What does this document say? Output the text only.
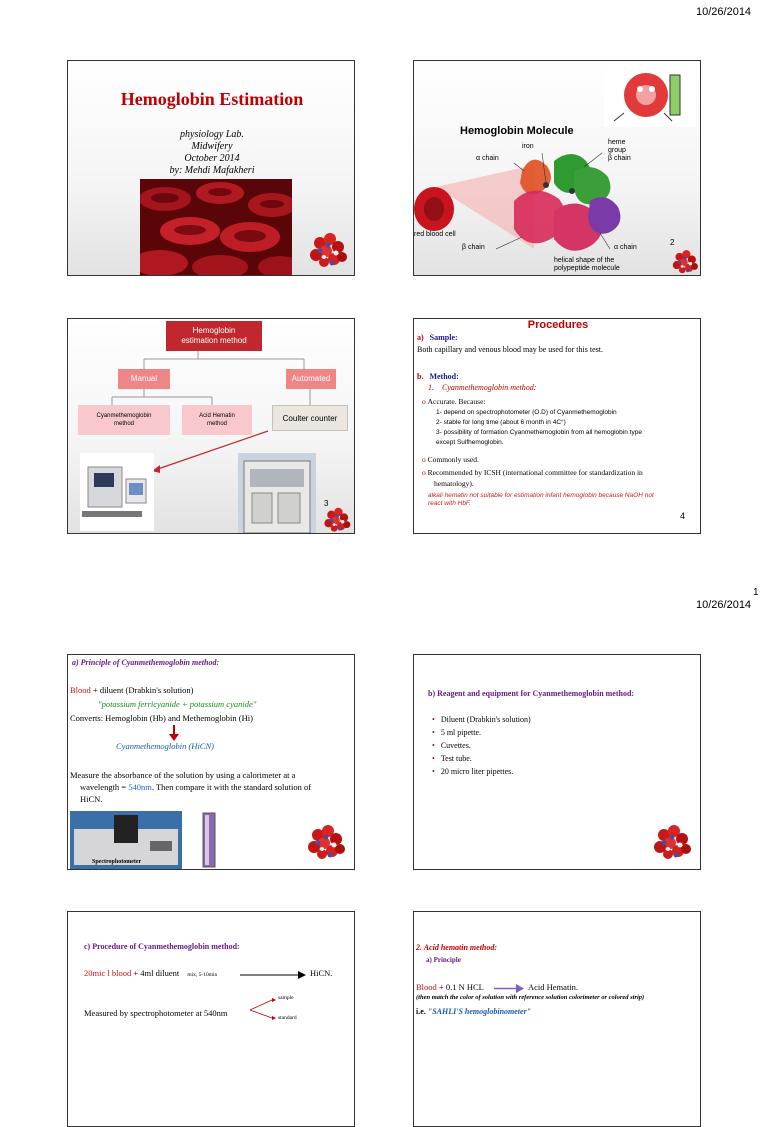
10/26/2014
1
10/26/2014
Hemoglobin Estimation
physiology Lab.
Midwifery
October 2014
by: Mehdi Mafakheri
Hemoglobin Molecule
iron
heme
group
β chain
α chain
red blood cell
β chain	α chain
helical shape of the
polypeptide molecule
2
Hemoglobin
estimation method
Manual	Automated
Cyanmethemoglobin
method
Acid Hematin
method
Coulter counter
3
Procedures
a) Sample:
Both capillary and venous blood may be used for this test.
b. Method:
1. Cyanmethemoglobin method:
o Accurate. Because:
1- depend on spectrophotometer (O.D) of Cyanmethemoglobin
2- stable for long time (about 6 month in 4C°)
3- possibility of formation Cyanmethemoglobin from all hemoglobin type
except Sulfhemoglobin.
o Commonly used.
o Recommended by ICSH (international committee for standardization in
hematology).
alkali hematin not suitable for estimation infant hemoglobin because NaOH not
react with HbF.
4
a) Principle of Cyanmethemoglobin method:
Blood + diluent (Drabkin's solution)
"potassium ferricyanide + potassium cyanide"
Converts: Hemoglobin (Hb) and Methemoglobin (Hi)
Cyanmethemoglobin (HiCN)
Measure the absorbance of the solution by using a calorimeter at a
wavelength = 540nm. Then compare it with the standard solution of
HiCN.
Spectrophotometer
b) Reagent and equipment for Cyanmethemoglobin method:
• Diluent (Drabkin's solution)
• 5 ml pipette.
• Cuvettes.
• Test tube.
• 20 micro liter pipettes.
c) Procedure of Cyanmethemoglobin method:
20mic l blood + 4ml diluent mix, 5-10min	HiCN.
Measured by spectrophotometer at 540nm
sample
standard
2. Acid hematin method:
a) Principle
Blood + 0.1 N HCL	Acid Hematin.
(then match the color of solution with reference solution colorimeter or colored strip)
i.e. "SAHLI'S hemoglobinometer"
